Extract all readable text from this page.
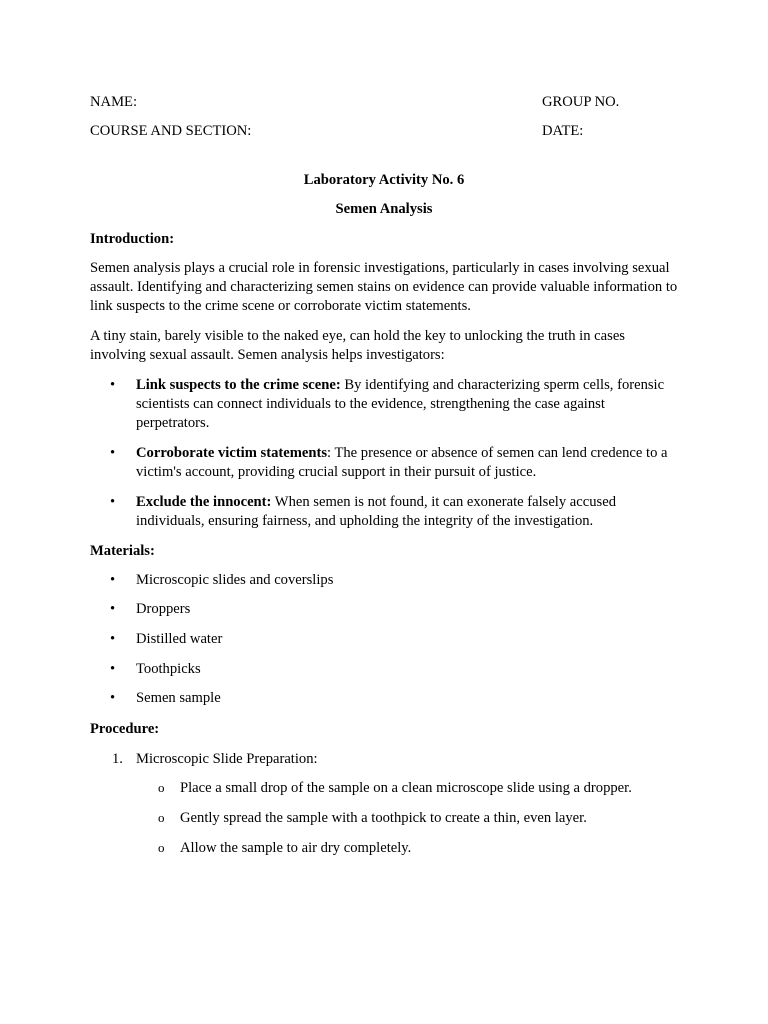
NAME:	GROUP NO.
COURSE AND SECTION:	DATE:
Laboratory Activity No. 6
Semen Analysis
Introduction:
Semen analysis plays a crucial role in forensic investigations, particularly in cases involving sexual assault. Identifying and characterizing semen stains on evidence can provide valuable information to link suspects to the crime scene or corroborate victim statements.
A tiny stain, barely visible to the naked eye, can hold the key to unlocking the truth in cases involving sexual assault. Semen analysis helps investigators:
•	Link suspects to the crime scene: By identifying and characterizing sperm cells, forensic scientists can connect individuals to the evidence, strengthening the case against perpetrators.
•	Corroborate victim statements: The presence or absence of semen can lend credence to a victim's account, providing crucial support in their pursuit of justice.
•	Exclude the innocent: When semen is not found, it can exonerate falsely accused individuals, ensuring fairness, and upholding the integrity of the investigation.
Materials:
•	Microscopic slides and coverslips
•	Droppers
•	Distilled water
•	Toothpicks
•	Semen sample
Procedure:
1. Microscopic Slide Preparation:
o Place a small drop of the sample on a clean microscope slide using a dropper.
o Gently spread the sample with a toothpick to create a thin, even layer.
o Allow the sample to air dry completely.
